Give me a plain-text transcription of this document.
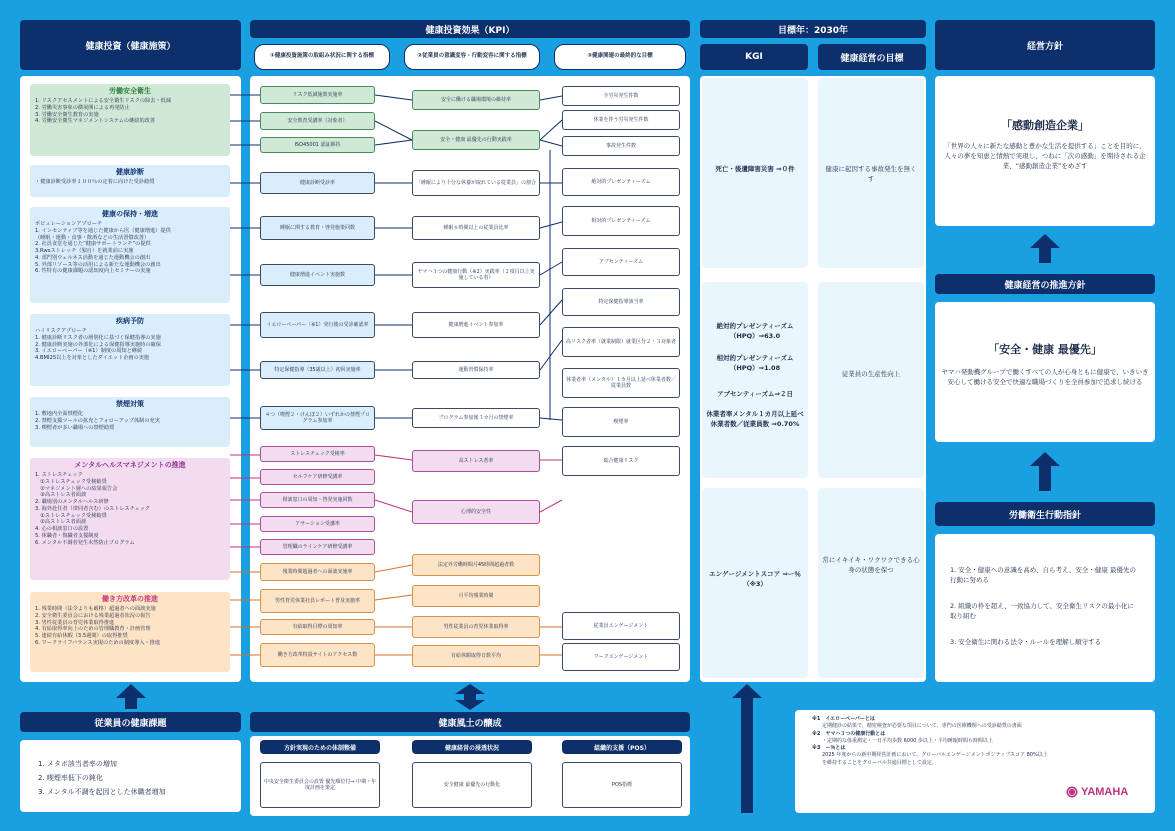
健康投資（健康施策）
健康投資効果（KPI）
①健康投資施策の取組み状況に関する指標	②従業員の意識変容・行動変容に関する指標	③健康関連の最終的な目標
目標年：2030年
KGI	健康経営の目標
経営方針
労働安全衛生
1. リスクアセスメントによる安全衛生リスクの除去・低減
2. 労働災害事象の横展開による再発防止
3. 労働安全衛生教育の実施
4. 労働安全衛生マネジメントシステムの継続的改善
健康診断
・健康診断受診率１００％の定着に向けた受診勧奨
健康の保持・増進
ポピュレーションアプローチ
1. インセンティブ等を通じた健康から医（健康増進）提供
（睡眠・運動・食事・飲酒などの生活習慣改善）
2. 社員食堂を通じた“健康サポートランチ”の提供
3.Rwsストレッチ（独自）を就業前に実施
4. 部門別ウェルネス活動を通じた運動機会の創出
5. 外部リソース等の活用による新たな運動機会の創出
6. 性特有の健康課題の認知度向上セミナーの実施
疾病予防
ハイリスクアプローチ
1. 健康診断リスク者の層別化に基づく保健指導の実施
2. 健康診断実施の外部化による保健指導実施時の確保
3. イエローペーパー（※1）制度の周知と継続
4.BMI25以上を対象としたダイエット企画の実施
禁煙対策
1. 敷地内全面禁煙化
2. 禁煙支援ツールの拡充とフォローアップ体制の充実
3. 喫煙者が多い職場への禁煙勧奨
メンタルヘルスマネジメントの推進
1. ストレスチェック
　①ストレスチェック受検勧奨
　②マネジメント層への結果報告会
　③高ストレス者面談
2. 職場別のメンタルヘルス研修
3. 海外赴任者（帯同者含む）のストレスチェック
　①ストレスチェック受検勧奨
　②高ストレス者面談
4. 心の相談窓口の設置
5. 休職者・復職者支援制度
6. メンタル不調者発生未然防止プログラム
働き方改革の推進
1. 残業時間（法令よりも厳格）超過者への面談実施
2. 安全衛生委員会における残業超過者状況の報告
3. 男性従業員の育児休業取得推進
4. 有給取得率向上のための管理職教育・計画管理
5. 連続有給休暇（3.5週間）の取得推奨
6. ワークライフバランス実現のための制度導入・推進
リスク低減施策実施率
安全教育受講率（対象者）
ISO45001 認証維持
健康診断受診率
睡眠に関する教育・啓発施策回数
健康増進イベント実施数
イエローペーパー（※1）発行後の受診確認率
特定保健指導（35歳以上）初回実施率
４つ（喫煙２・けんぽ２）いずれかの禁煙プログラム参加率
ストレスチェック受検率
セルフケア研修受講率
相談窓口の周知・啓発実施回数
アサーション受講率
管理職のラインケア研修受講率
残業時間超過者への面談実施率
男性育児休業社員レポート普及実施率
有給取得目標の周知率
働き方改革特設サイトのアクセス数
安全に働ける職場環境の維持率
安全・健康 最優先の行動実践率
「睡眠により十分な休養が取れている従業員」の割合
睡眠６時間以上の従業員比率
ヤマハ３つの健康行動（※2）実践率（２項目以上実施している者）
健康増進イベント参加率
運動習慣保持率
プログラム参加後３カ月の禁煙率
高ストレス者率
心理的安全性
法定外労働時間月45時間超過者数
月平均残業時間
男性従業員の育児休業取得率
有給休暇取得日数平均
全労災発生件数
休業を伴う労災発生件数
事故発生件数
絶対的プレゼンティーズム
相対的プレゼンティーズム
アブセンティーズム
特定保健指導該当率
高リスク者率（就業制限）就業区分２・３対象者
休業者率（メンタル）１カ月以上延べ休業者数／従業員数
喫煙率
総合健康リスク
従業員エンゲージメント
ワークエンゲージメント
死亡・後遺障害災害 ⇒０件
絶対的プレゼンティーズム（HPQ）⇒63.0
相対的プレゼンティーズム（HPQ）⇒1.08
アブセンティーズム⇒２日
休業者率メンタル１カ月以上延べ休業者数／従業員数 ⇒0.70%
エンゲージメントスコア ⇒ー％（※3）
健康に起因する事故発生を無くす
従業員の生産性向上
常にイキイキ・ワクワクできる心身の状態を保つ
「感動創造企業」
「世界の人々に新たな感動と豊かな生活を提供する」ことを目的に、人々の夢を知恵と情熱で実現し、つねに「次の感動」を期待される企業、“感動創造企業”をめざす
健康経営の推進方針
「安全・健康 最優先」
ヤマハ発動機グループで働くすべての人が心身ともに健康で、いきいき安心して働ける安全で快適な職場づくりを全員参加で追求し続ける
労働衛生行動指針
1. 安全・健康への意識を高め、自ら考え、安全・健康 最優先の行動に努める
2. 組織の枠を超え、一致協力して、安全衛生リスクの最小化に取り組む
3. 安全衛生に関わる法令・ルールを理解し順守する
従業員の健康課題
1. メタボ該当者率の増加
2. 喫煙率低下の鈍化
3. メンタル不調を起因とした休職者増加
健康風土の醸成
方針実現のための体制整備	健康経営の浸透状況	組織的支援（POS）
中央安全衛生委員会の設置 優先順位付⇒ 中期・年度計画を策定
安全健康 最優先の行動化	POS指標
※1　イエローペーパーとは
定期健診の結果で、精密検査が必要な項目について、専門の医療機関への受診勧奨の書面
※2　ヤマハ３つの健康行動とは
・定期的な体重測定・一日平均歩数 6000 歩以上・平均睡眠時間６時間以上
※3　ー％とは
2025 年度からの新中期経営計画において、グローバルエンゲージメントポジティブスコア 80%以上を維持することをグローバル共通目標として設定。
YAMAHA
